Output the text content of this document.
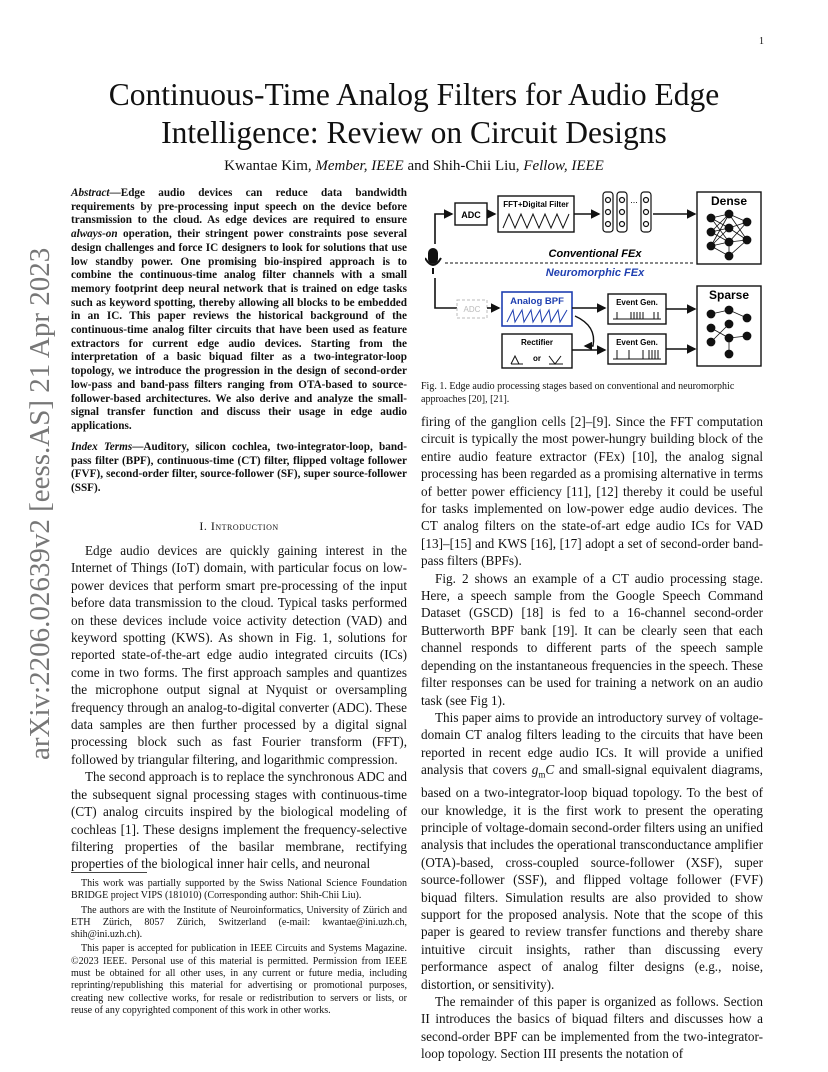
1
Continuous-Time Analog Filters for Audio Edge
Intelligence: Review on Circuit Designs
Kwantae Kim, Member, IEEE and Shih-Chii Liu, Fellow, IEEE
arXiv:2206.02639v2 [eess.AS] 21 Apr 2023
Abstract—Edge audio devices can reduce data bandwidth requirements by pre-processing input speech on the device before transmission to the cloud. As edge devices are required to ensure always-on operation, their stringent power constraints pose several design challenges and force IC designers to look for solutions that use low standby power. One promising bio-inspired approach is to combine the continuous-time analog filter channels with a small memory footprint deep neural network that is trained on edge tasks such as keyword spotting, thereby allowing all blocks to be embedded in an IC. This paper reviews the historical background of the continuous-time analog filter circuits that have been used as feature extractors for current edge audio devices. Starting from the interpretation of a basic biquad filter as a two-integrator-loop topology, we introduce the progression in the design of second-order low-pass and band-pass filters ranging from OTA-based to source-follower-based architectures. We also derive and analyze the small-signal transfer function and discuss their usage in edge audio applications.
Index Terms—Auditory, silicon cochlea, two-integrator-loop, band-pass filter (BPF), continuous-time (CT) filter, flipped voltage follower (FVF), second-order filter, source-follower (SF), super source-follower (SSF).
I. Introduction

Edge audio devices are quickly gaining interest in the Internet of Things (IoT) domain, with particular focus on low-power devices that perform smart pre-processing of the input before data transmission to the cloud. Typical tasks performed on these devices include voice activity detection (VAD) and keyword spotting (KWS). As shown in Fig. 1, solutions for reported state-of-the-art edge audio integrated circuits (ICs) come in two forms. The first approach samples and quantizes the microphone output signal at Nyquist or oversampling frequency through an analog-to-digital converter (ADC). These data samples are then further processed by a digital signal processing block such as fast Fourier transform (FFT), followed by triangular filtering, and logarithmic compression.

The second approach is to replace the synchronous ADC and the subsequent signal processing stages with continuous-time (CT) analog circuits inspired by the biological modeling of cochleas [1]. These designs implement the frequency-selective filtering properties of the basilar membrane, rectifying properties of the biological inner hair cells, and neuronal

This work was partially supported by the Swiss National Science Foundation BRIDGE project VIPS (181010) (Corresponding author: Shih-Chii Liu).

The authors are with the Institute of Neuroinformatics, University of Zürich and ETH Zürich, 8057 Zürich, Switzerland (e-mail: kwantae@ini.uzh.ch, shih@ini.uzh.ch).

This paper is accepted for publication in IEEE Circuits and Systems Magazine. ©2023 IEEE. Personal use of this material is permitted. Permission from IEEE must be obtained for all other uses, in any current or future media, including reprinting/republishing this material for advertising or promotional purposes, creating new collective works, for resale or redistribution to servers or lists, or reuse of any copyrighted component of this work in other works.

ADC
FFT+Digital Filter	...	Dense
Conventional FEx
Neuromorphic FEx
ADC
Analog BPF	Event Gen.
Rectifier
or
Event Gen.
Sparse
Fig. 1. Edge audio processing stages based on conventional and neuromorphic approaches [20], [21].

firing of the ganglion cells [2]–[9]. Since the FFT computation circuit is typically the most power-hungry building block of the entire audio feature extractor (FEx) [10], the analog signal processing has been regarded as a promising alternative in terms of better power efficiency [11], [12] thereby it could be useful for tasks implemented on low-power edge audio devices. The CT analog filters on the state-of-art edge audio ICs for VAD [13]–[15] and KWS [16], [17] adopt a set of second-order band-pass filters (BPFs).

Fig. 2 shows an example of a CT audio processing stage. Here, a speech sample from the Google Speech Command Dataset (GSCD) [18] is fed to a 16-channel second-order Butterworth BPF bank [19]. It can be clearly seen that each channel responds to different parts of the speech sample depending on the instantaneous frequencies in the speech. These filter responses can be used for training a network on an audio task (see Fig 1).

This paper aims to provide an introductory survey of voltage-domain CT analog filters leading to the circuits that have been reported in recent edge audio ICs. It will provide a unified analysis that covers $g_mC$ and small-signal equivalent diagrams, based on a two-integrator-loop biquad topology. To the best of our knowledge, it is the first work to present the operating principle of voltage-domain second-order filters using an unified analysis that includes the operational transconductance amplifier (OTA)-based, cross-coupled source-follower (XSF), super source-follower (SSF), and flipped voltage follower (FVF) biquad filters. Simulation results are also provided to show support for the proposed analysis. Note that the scope of this paper is geared to review transfer functions and thereby share intuitive circuit insights, rather than discussing every performance aspect of analog filter designs (e.g., noise, distortion, or sensitivity).

The remainder of this paper is organized as follows. Section II introduces the basics of biquad filters and discusses how a second-order BPF can be implemented from the two-integrator-loop topology. Section III presents the notation of
